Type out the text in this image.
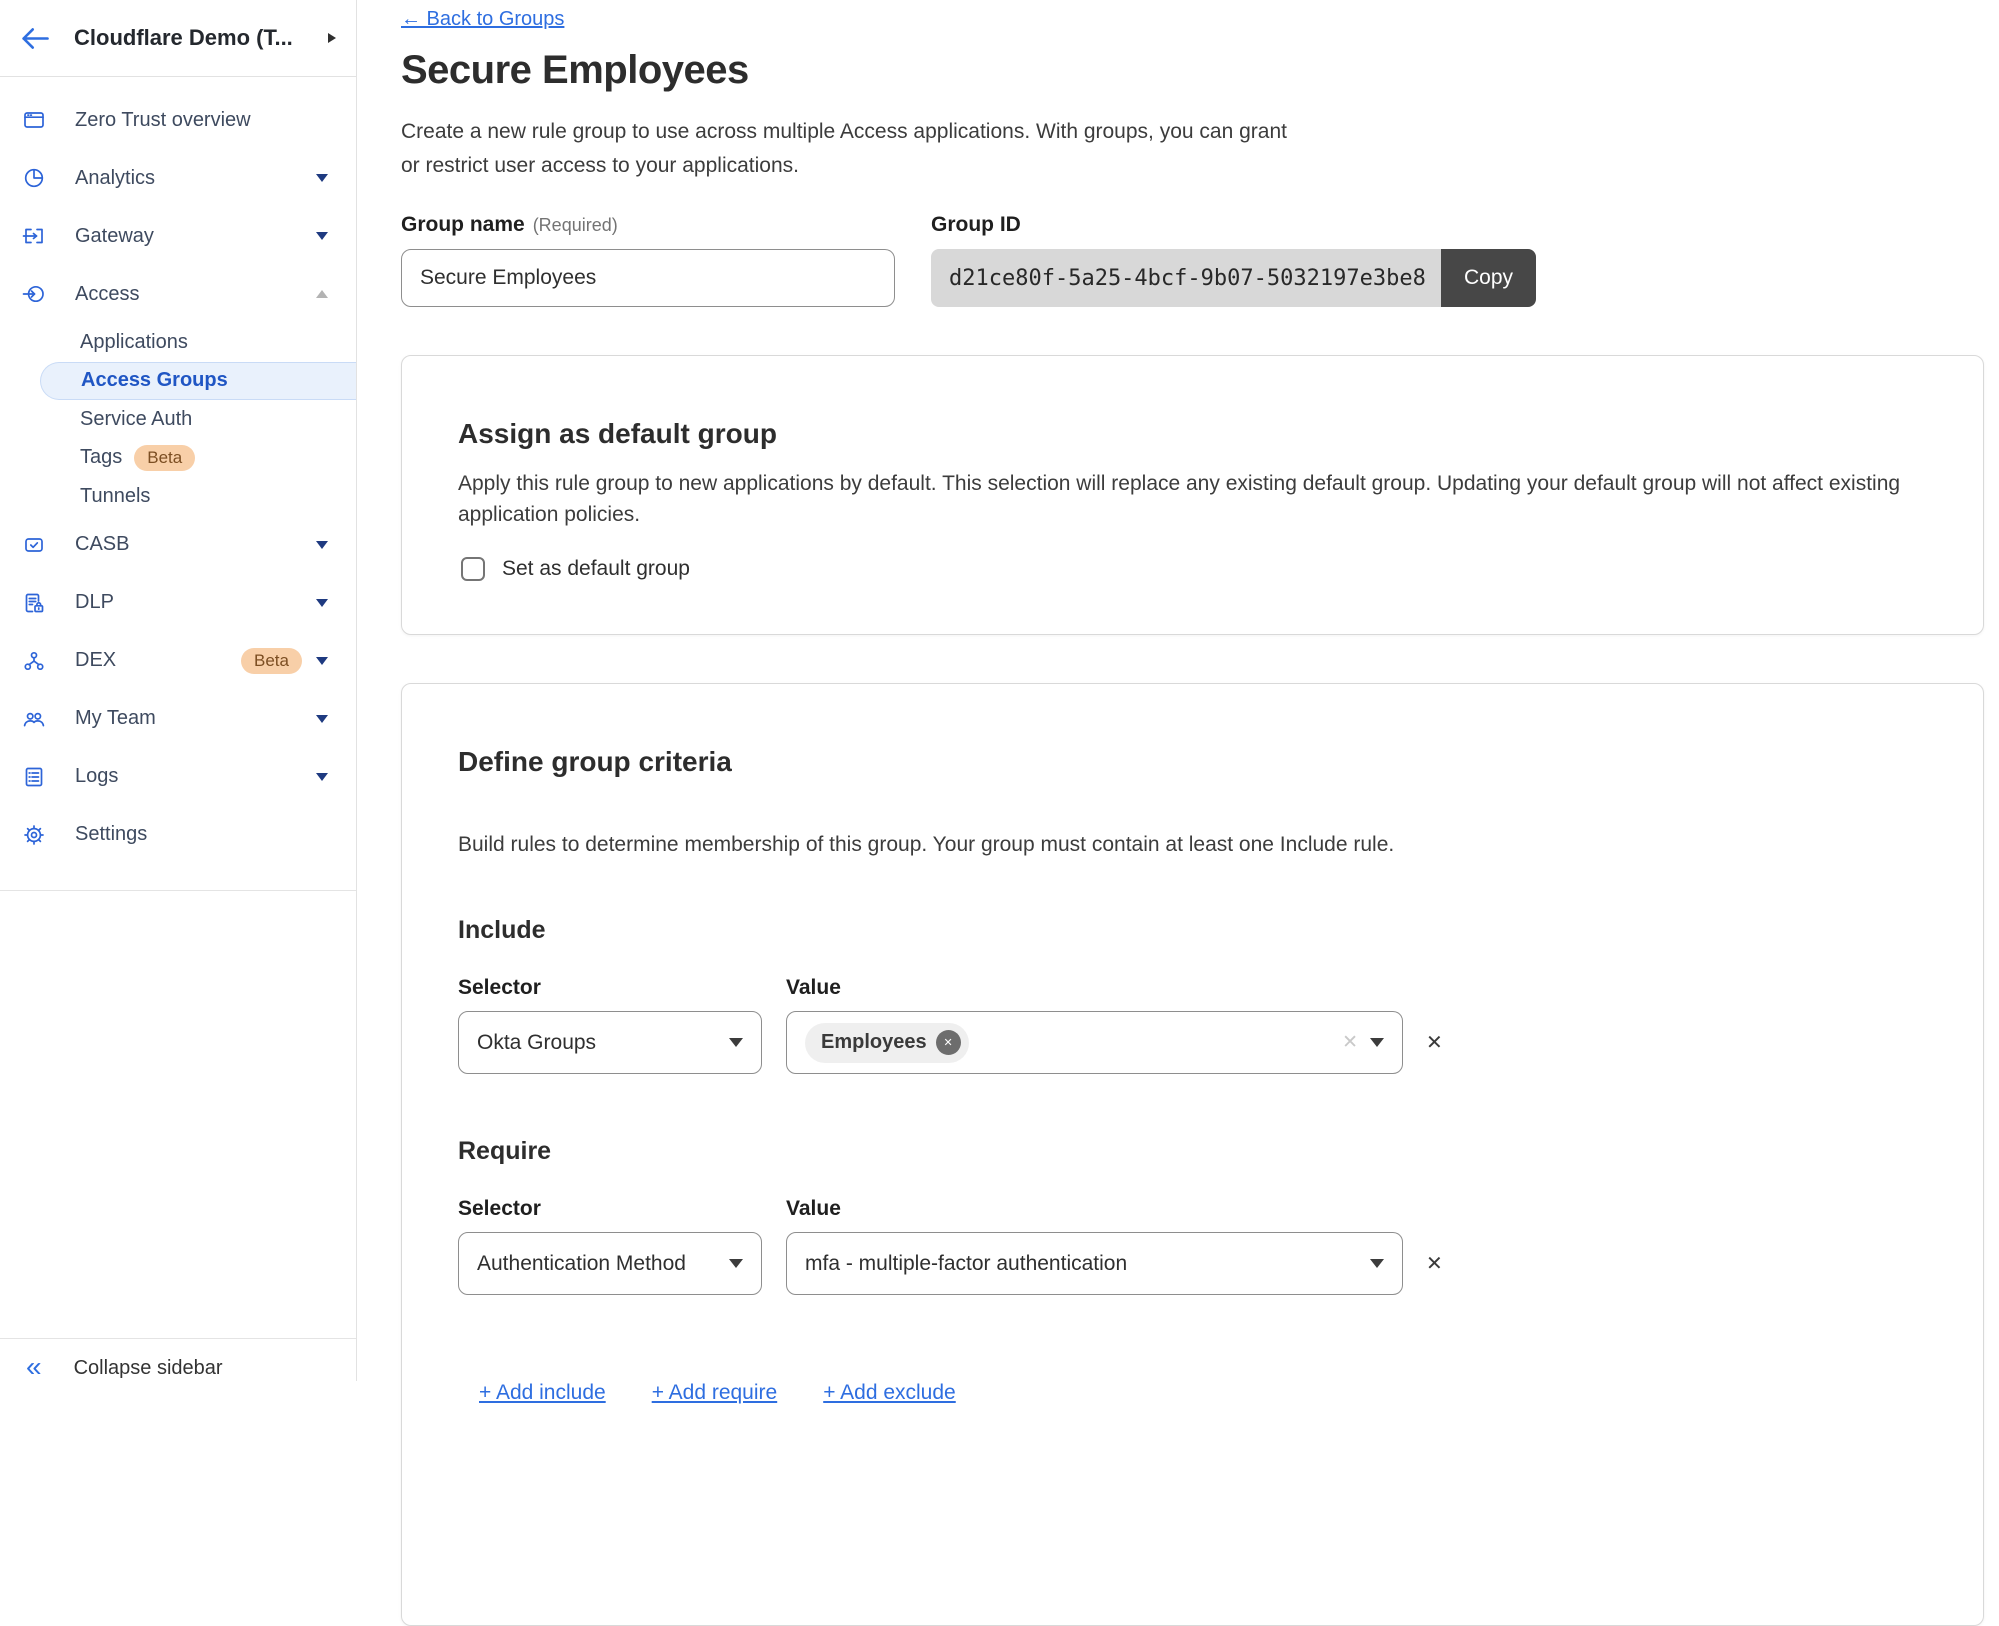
Cloudflare Demo (T...
Zero Trust overview
Analytics
Gateway
Access
Applications
Access Groups
Service Auth
Tags	Beta
Tunnels
CASB
DLP
DEX	Beta
My Team
Logs
Settings
« Collapse sidebar
← Back to Groups
Secure Employees
Create a new rule group to use across multiple Access applications. With groups, you can grant
or restrict user access to your applications.
Group name (Required)
Secure Employees	Group ID
d21ce80f-5a25-4bcf-9b07-5032197e3be8	Copy
Assign as default group
Apply this rule group to new applications by default. This selection will replace any existing default group. Updating your default group will not affect existing
application policies.
Set as default group
Define group criteria
Build rules to determine membership of this group. Your group must contain at least one Include rule.
Include
Selector	Value
Okta Groups	Employees	✕	✕	✕
Require
Selector	Value
Authentication Method	mfa - multiple-factor authentication	✕
+ Add include + Add require + Add exclude
